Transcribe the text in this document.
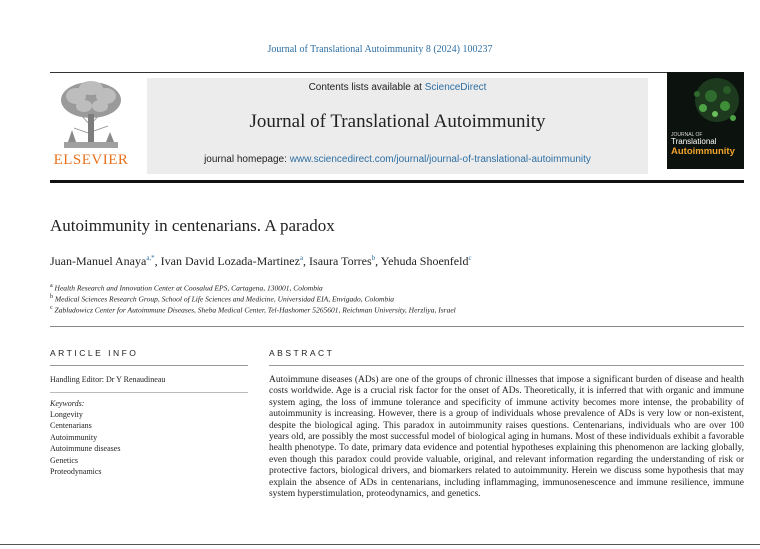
Journal of Translational Autoimmunity 8 (2024) 100237
ELSEVIER
Contents lists available at ScienceDirect
Journal of Translational Autoimmunity
journal homepage: www.sciencedirect.com/journal/journal-of-translational-autoimmunity
JOURNAL OF
Translational
Autoimmunity
Autoimmunity in centenarians. A paradox
Juan-Manuel Anaya$^{a,*}$, Ivan David Lozada-Martinez$^a$, Isaura Torres$^b$, Yehuda Shoenfeld$^c$
$^a$ Health Research and Innovation Center at Coosalud EPS, Cartagena, 130001, Colombia
$^b$ Medical Sciences Research Group, School of Life Sciences and Medicine, Universidad EIA, Envigado, Colombia
$^c$ Zabludowicz Center for Autoimmune Diseases, Sheba Medical Center, Tel-Hashomer 5265601, Reichman University, Herzliya, Israel
ARTICLE INFO
Handling Editor: Dr Y Renaudineau
Keywords:
Longevity
Centenarians
Autoimmunity
Autoimmune diseases
Genetics
Proteodynamics
ABSTRACT
Autoimmune diseases (ADs) are one of the groups of chronic illnesses that impose a significant burden of disease and health costs worldwide. Age is a crucial risk factor for the onset of ADs. Theoretically, it is inferred that with organic and immune system aging, the loss of immune tolerance and specificity of immune activity becomes more intense, the probability of autoimmunity is increasing. However, there is a group of individuals whose prevalence of ADs is very low or non-existent, despite the biological aging. This paradox in autoimmunity raises questions. Centenarians, individuals who are over 100 years old, are possibly the most successful model of biological aging in humans. Most of these individuals exhibit a favorable health phenotype. To date, primary data evidence and potential hypotheses explaining this phenomenon are lacking globally, even though this paradox could provide valuable, original, and relevant information regarding the understanding of risk or protective factors, biological drivers, and biomarkers related to autoimmunity. Herein we discuss some hypothesis that may explain the absence of ADs in centenarians, including inflammaging, immunosenescence and immune resilience, immune system hyperstimulation, proteodynamics, and genetics.
